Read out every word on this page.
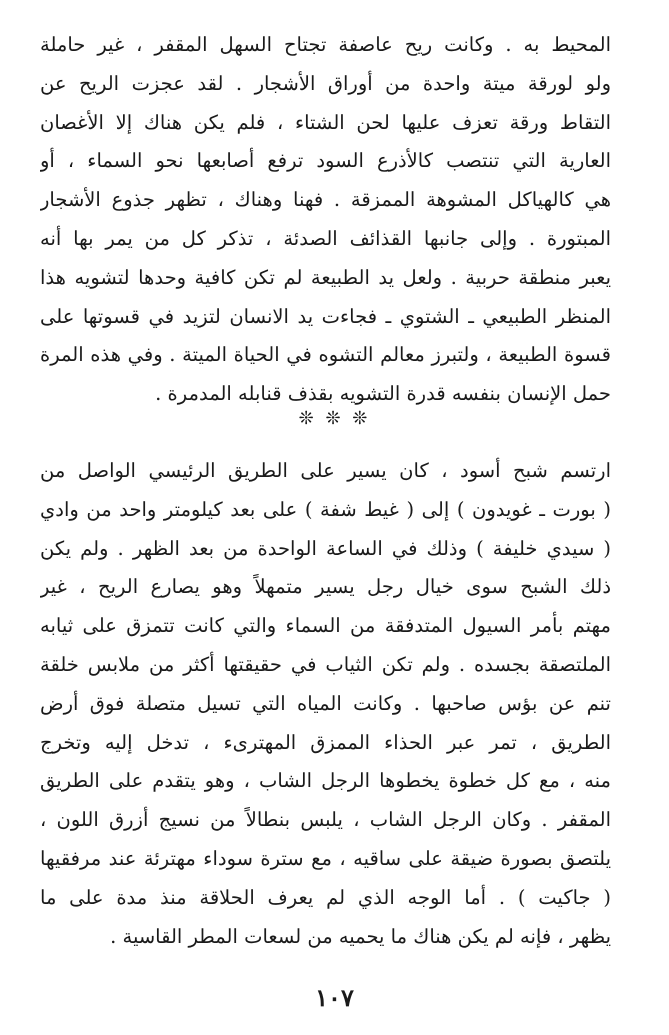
المحيط به . وكانت ريح عاصفة تجتاح السهل المقفر ، غير حاملة
ولو لورقة ميتة واحدة من أوراق الأشجار . لقد عجزت الريح عن
التقاط ورقة تعزف عليها لحن الشتاء ، فلم يكن هناك إلا الأغصان
العارية التي تنتصب كالأذرع السود ترفع أصابعها نحو السماء ، أو
هي كالهياكل المشوهة الممزقة . فهنا وهناك ، تظهر جذوع الأشجار
المبتورة . وإلى جانبها القذائف الصدئة ، تذكر كل من يمر بها أنه
يعبر منطقة حربية . ولعل يد الطبيعة لم تكن كافية وحدها لتشويه هذا
المنظر الطبيعي ـ الشتوي ـ فجاءت يد الانسان لتزيد في قسوتها على
قسوة الطبيعة ، ولتبرز معالم التشوه في الحياة الميتة . وفي هذه المرة
حمل الإنسان بنفسه قدرة التشويه بقذف قنابله المدمرة .
❊ ❊ ❊
ارتسم شبح أسود ، كان يسير على الطريق الرئيسي الواصل من
( بورت ـ غويدون ) إلى ( غيط شفة ) على بعد كيلومتر واحد من وادي
( سيدي خليفة ) وذلك في الساعة الواحدة من بعد الظهر . ولم يكن
ذلك الشبح سوى خيال رجل يسير متمهلاً وهو يصارع الريح ، غير
مهتم بأمر السيول المتدفقة من السماء والتي كانت تتمزق على ثيابه
الملتصقة بجسده . ولم تكن الثياب في حقيقتها أكثر من ملابس خلقة
تنم عن بؤس صاحبها . وكانت المياه التي تسيل متصلة فوق أرض
الطريق ، تمر عبر الحذاء الممزق المهترىء ، تدخل إليه وتخرج
منه ، مع كل خطوة يخطوها الرجل الشاب ، وهو يتقدم على الطريق
المقفر . وكان الرجل الشاب ، يلبس بنطالاً من نسيج أزرق اللون ،
يلتصق بصورة ضيقة على ساقيه ، مع سترة سوداء مهترئة عند مرفقيها
( جاكيت ) . أما الوجه الذي لم يعرف الحلاقة منذ مدة على ما
يظهر ، فإنه لم يكن هناك ما يحميه من لسعات المطر القاسية .
١٠٧
